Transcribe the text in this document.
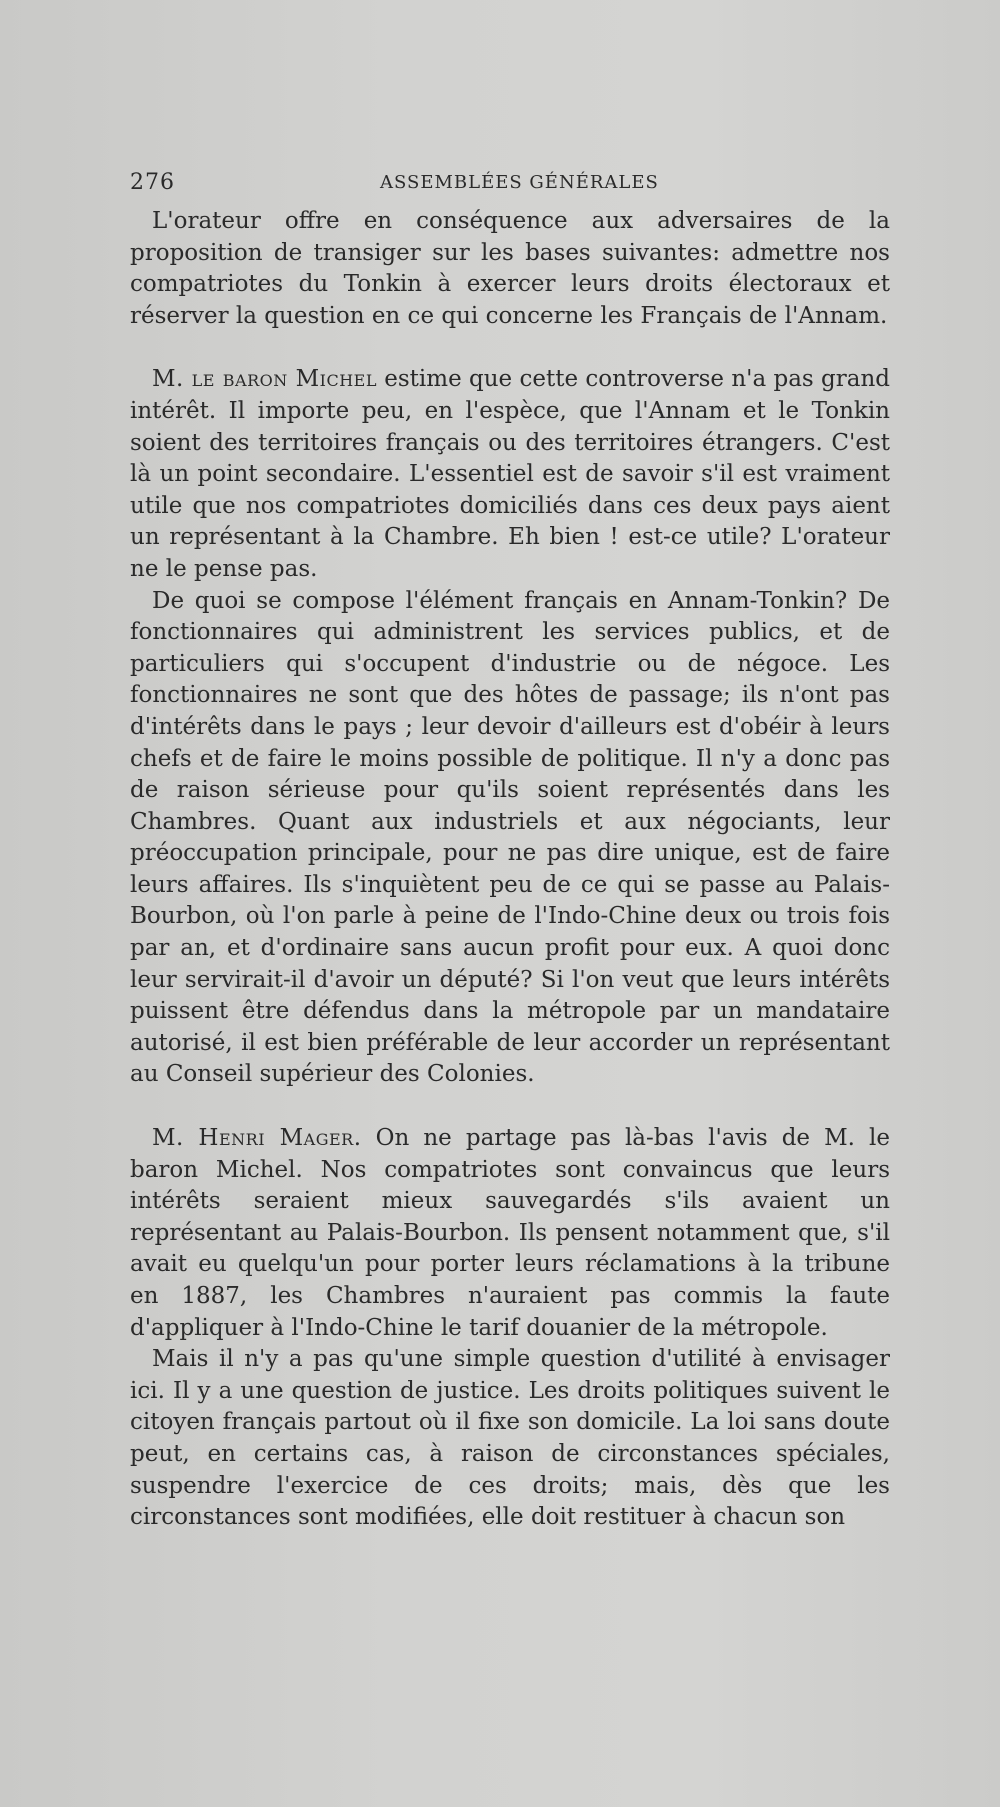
276	ASSEMBLÉES GÉNÉRALES

L'orateur offre en conséquence aux adversaires de la proposition de transiger sur les bases suivantes: admettre nos compatriotes du Tonkin à exercer leurs droits électoraux et réserver la question en ce qui concerne les Français de l'Annam.

M. le baron Michel estime que cette controverse n'a pas grand intérêt. Il importe peu, en l'espèce, que l'Annam et le Tonkin soient des territoires français ou des territoires étrangers. C'est là un point secondaire. L'essentiel est de savoir s'il est vraiment utile que nos compatriotes domiciliés dans ces deux pays aient un représentant à la Chambre. Eh bien ! est-ce utile? L'orateur ne le pense pas.

De quoi se compose l'élément français en Annam-Tonkin? De fonctionnaires qui administrent les services publics, et de particuliers qui s'occupent d'industrie ou de négoce. Les fonctionnaires ne sont que des hôtes de passage; ils n'ont pas d'intérêts dans le pays ; leur devoir d'ailleurs est d'obéir à leurs chefs et de faire le moins possible de politique. Il n'y a donc pas de raison sérieuse pour qu'ils soient représentés dans les Chambres. Quant aux industriels et aux négociants, leur préoccupation principale, pour ne pas dire unique, est de faire leurs affaires. Ils s'inquiètent peu de ce qui se passe au Palais-Bourbon, où l'on parle à peine de l'Indo-Chine deux ou trois fois par an, et d'ordinaire sans aucun profit pour eux. A quoi donc leur servirait-il d'avoir un député? Si l'on veut que leurs intérêts puissent être défendus dans la métropole par un mandataire autorisé, il est bien préférable de leur accorder un représentant au Conseil supérieur des Colonies.

M. Henri Mager. On ne partage pas là-bas l'avis de M. le baron Michel. Nos compatriotes sont convaincus que leurs intérêts seraient mieux sauvegardés s'ils avaient un représentant au Palais-Bourbon. Ils pensent notamment que, s'il avait eu quelqu'un pour porter leurs réclamations à la tribune en 1887, les Chambres n'auraient pas commis la faute d'appliquer à l'Indo-Chine le tarif douanier de la métropole.

Mais il n'y a pas qu'une simple question d'utilité à envisager ici. Il y a une question de justice. Les droits politiques suivent le citoyen français partout où il fixe son domicile. La loi sans doute peut, en certains cas, à raison de circonstances spéciales, suspendre l'exercice de ces droits; mais, dès que les circonstances sont modifiées, elle doit restituer à chacun son
